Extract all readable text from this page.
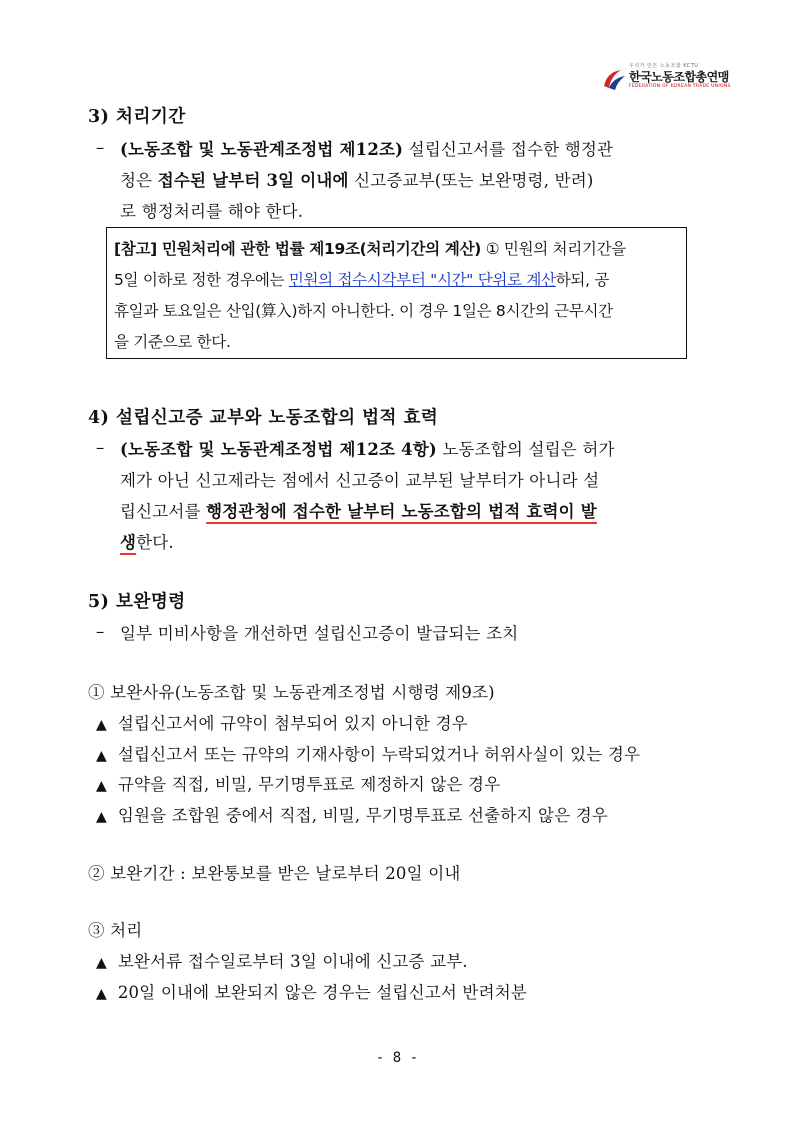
우리가 만든 노동조합 KCTU
한국노동조합총연맹
FEDERATION OF KOREAN TRADE UNIONS
3) 처리기간
– (노동조합 및 노동관계조정법 제12조) 설립신고서를 접수한 행정관
청은 접수된 날부터 3일 이내에 신고증교부(또는 보완명령, 반려)
로 행정처리를 해야 한다.
[참고] 민원처리에 관한 법률 제19조(처리기간의 계산) ① 민원의 처리기간을
5일 이하로 정한 경우에는 민원의 접수시각부터 "시간" 단위로 계산하되, 공
휴일과 토요일은 산입(算入)하지 아니한다. 이 경우 1일은 8시간의 근무시간
을 기준으로 한다.
4) 설립신고증 교부와 노동조합의 법적 효력
– (노동조합 및 노동관계조정법 제12조 4항) 노동조합의 설립은 허가
제가 아닌 신고제라는 점에서 신고증이 교부된 날부터가 아니라 설
립신고서를 행정관청에 접수한 날부터 노동조합의 법적 효력이 발
생한다.
5) 보완명령
– 일부 미비사항을 개선하면 설립신고증이 발급되는 조치
① 보완사유(노동조합 및 노동관계조정법 시행령 제9조)
▲ 설립신고서에 규약이 첨부되어 있지 아니한 경우
▲ 설립신고서 또는 규약의 기재사항이 누락되었거나 허위사실이 있는 경우
▲ 규약을 직접, 비밀, 무기명투표로 제정하지 않은 경우
▲ 임원을 조합원 중에서 직접, 비밀, 무기명투표로 선출하지 않은 경우
② 보완기간 : 보완통보를 받은 날로부터 20일 이내
③ 처리
▲ 보완서류 접수일로부터 3일 이내에 신고증 교부.
▲ 20일 이내에 보완되지 않은 경우는 설립신고서 반려처분
- 8 -
